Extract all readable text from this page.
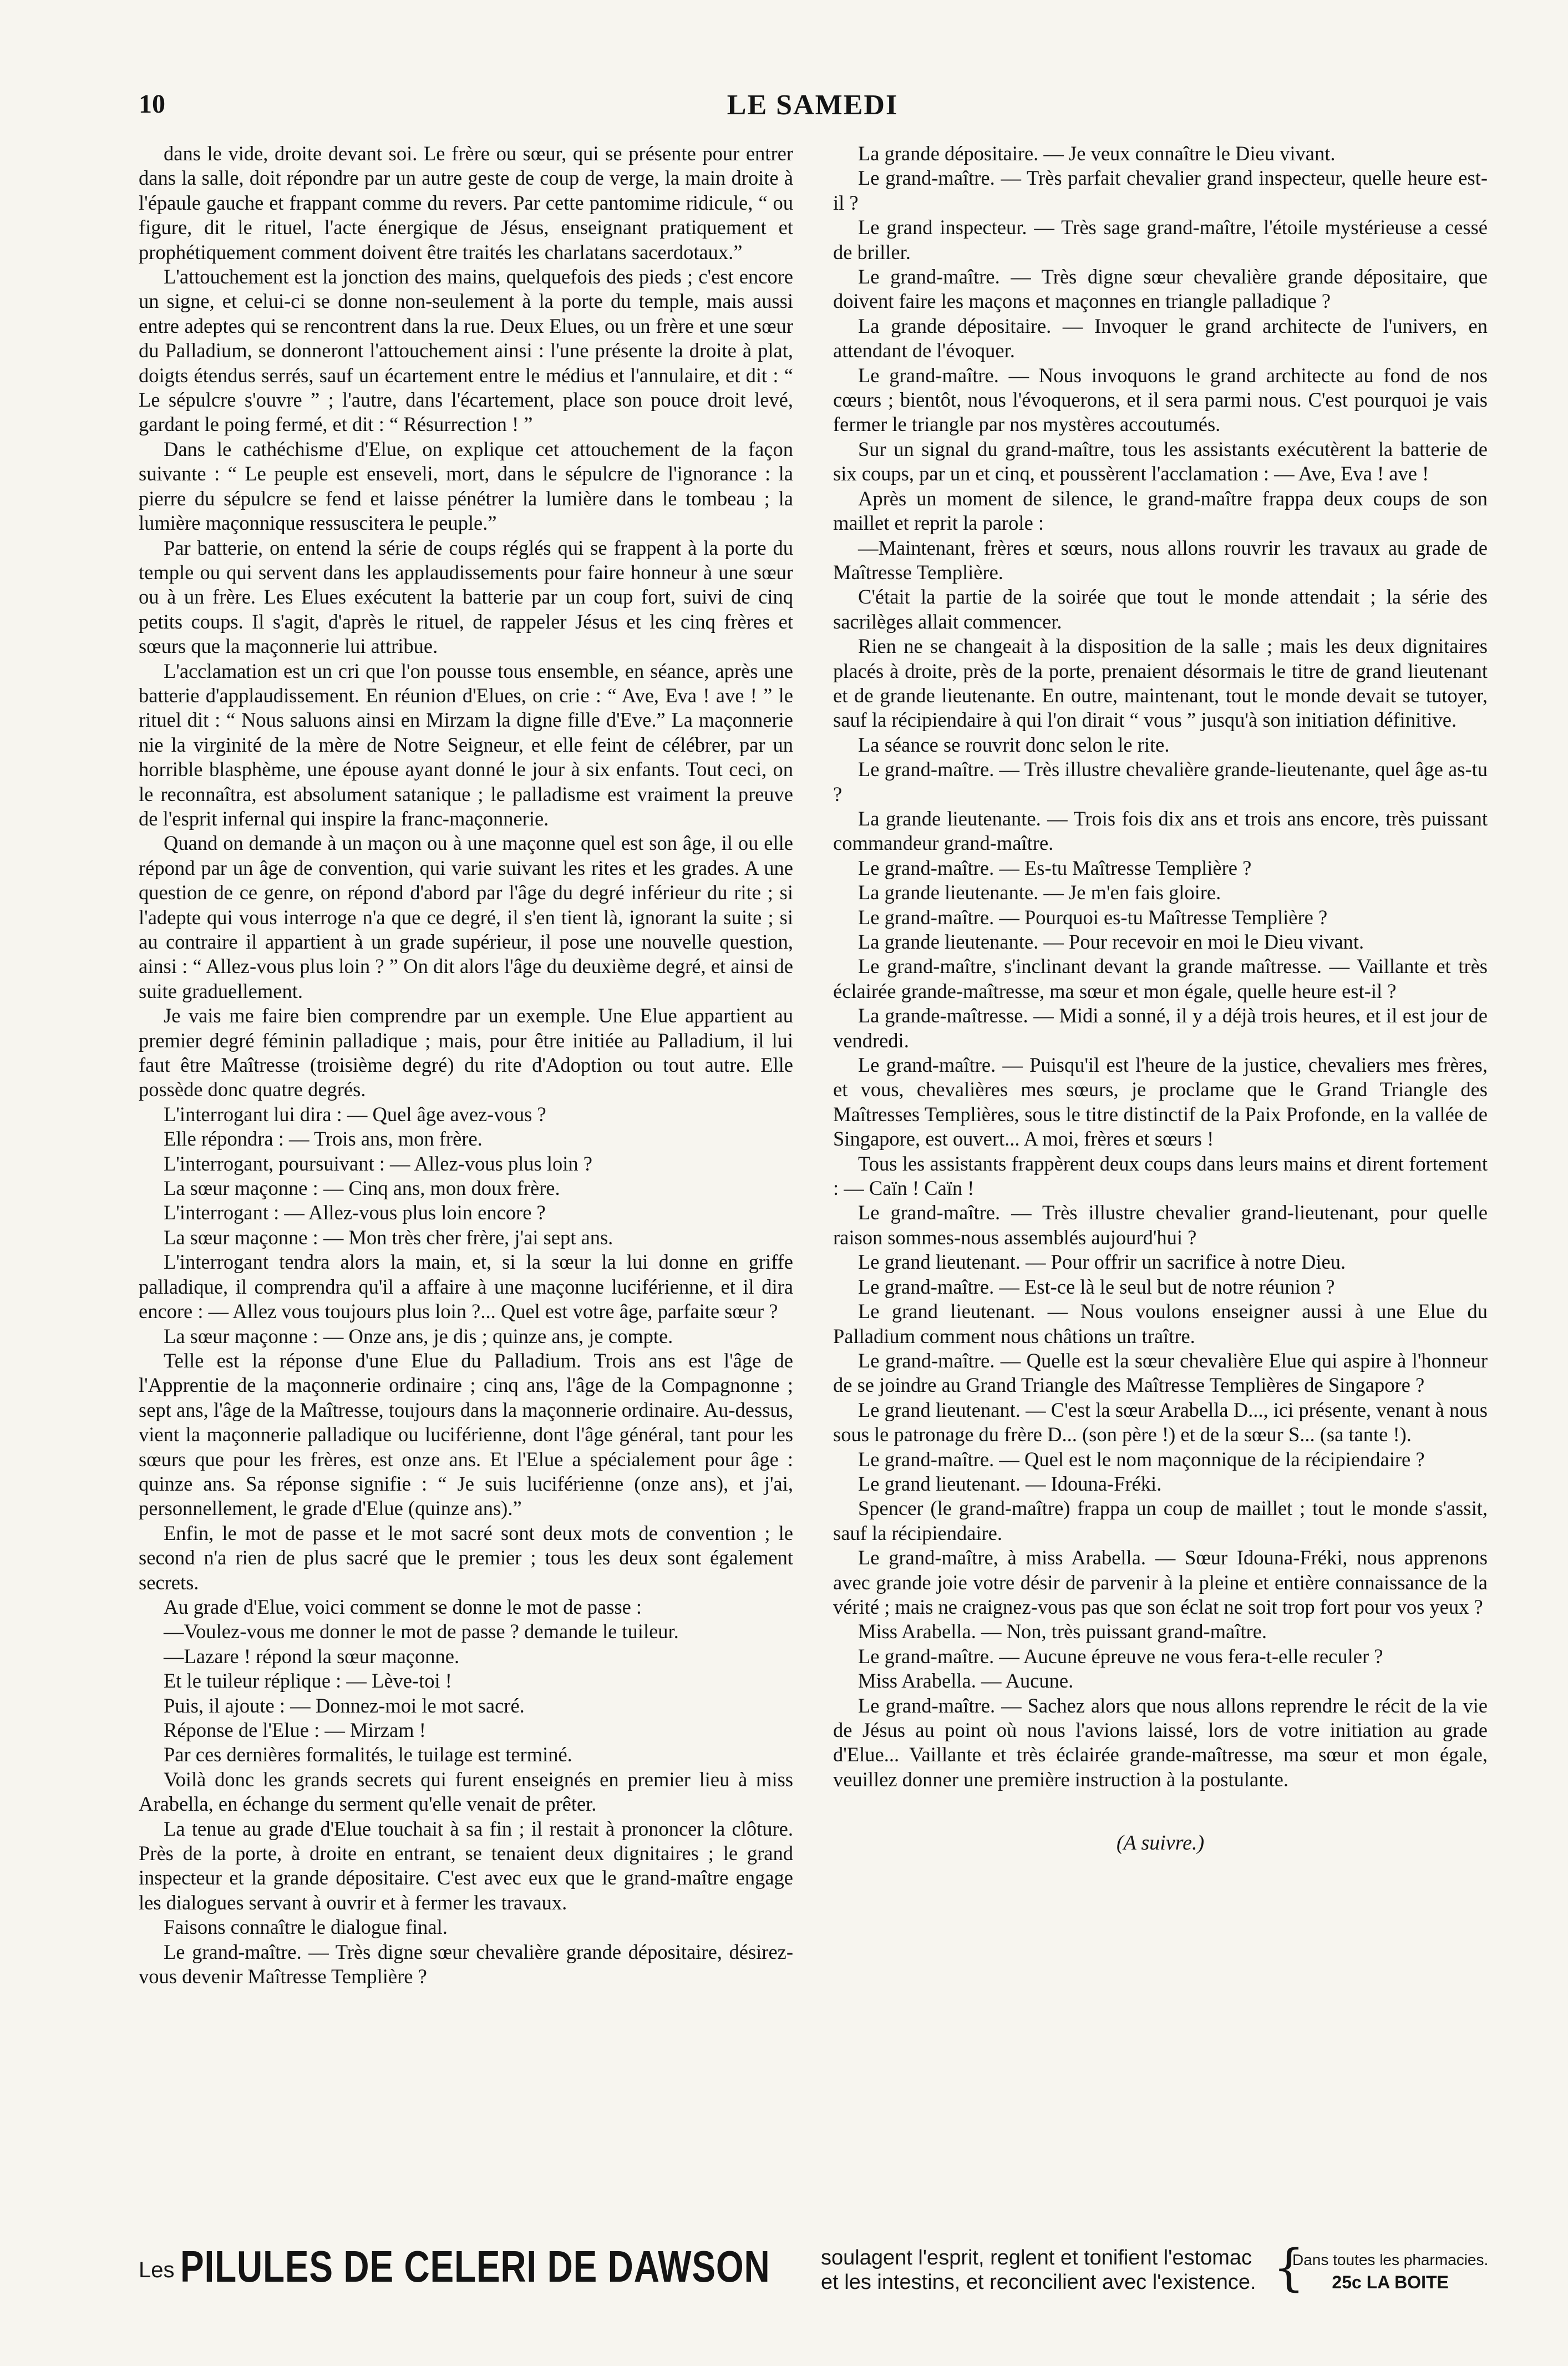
10	LE SAMEDI

dans le vide, droite devant soi. Le frère ou sœur, qui se présente pour entrer dans la salle, doit répondre par un autre geste de coup de verge, la main droite à l'épaule gauche et frappant comme du revers. Par cette pantomime ridicule, “ ou figure, dit le rituel, l'acte énergique de Jésus, enseignant pratiquement et prophétiquement comment doivent être traités les charlatans sacerdotaux.”

L'attouchement est la jonction des mains, quelquefois des pieds ; c'est encore un signe, et celui-ci se donne non-seulement à la porte du temple, mais aussi entre adeptes qui se rencontrent dans la rue. Deux Elues, ou un frère et une sœur du Palladium, se donneront l'attouchement ainsi : l'une présente la droite à plat, doigts étendus serrés, sauf un écartement entre le médius et l'annulaire, et dit : “ Le sépulcre s'ouvre ” ; l'autre, dans l'écartement, place son pouce droit levé, gardant le poing fermé, et dit : “ Résurrection ! ”

Dans le cathéchisme d'Elue, on explique cet attouchement de la façon suivante : “ Le peuple est enseveli, mort, dans le sépulcre de l'ignorance : la pierre du sépulcre se fend et laisse pénétrer la lumière dans le tombeau ; la lumière maçonnique ressuscitera le peuple.”

Par batterie, on entend la série de coups réglés qui se frappent à la porte du temple ou qui servent dans les applaudissements pour faire honneur à une sœur ou à un frère. Les Elues exécutent la batterie par un coup fort, suivi de cinq petits coups. Il s'agit, d'après le rituel, de rappeler Jésus et les cinq frères et sœurs que la maçonnerie lui attribue.

L'acclamation est un cri que l'on pousse tous ensemble, en séance, après une batterie d'applaudissement. En réunion d'Elues, on crie : “ Ave, Eva ! ave ! ” le rituel dit : “ Nous saluons ainsi en Mirzam la digne fille d'Eve.” La maçonnerie nie la virginité de la mère de Notre Seigneur, et elle feint de célébrer, par un horrible blasphème, une épouse ayant donné le jour à six enfants. Tout ceci, on le reconnaîtra, est absolument satanique ; le palladisme est vraiment la preuve de l'esprit infernal qui inspire la franc-maçonnerie.

Quand on demande à un maçon ou à une maçonne quel est son âge, il ou elle répond par un âge de convention, qui varie suivant les rites et les grades. A une question de ce genre, on répond d'abord par l'âge du degré inférieur du rite ; si l'adepte qui vous interroge n'a que ce degré, il s'en tient là, ignorant la suite ; si au contraire il appartient à un grade supérieur, il pose une nouvelle question, ainsi : “ Allez-vous plus loin ? ” On dit alors l'âge du deuxième degré, et ainsi de suite graduellement.

Je vais me faire bien comprendre par un exemple. Une Elue appartient au premier degré féminin palladique ; mais, pour être initiée au Palladium, il lui faut être Maîtresse (troisième degré) du rite d'Adoption ou tout autre. Elle possède donc quatre degrés.

L'interrogant lui dira : — Quel âge avez-vous ?

Elle répondra : — Trois ans, mon frère.

L'interrogant, poursuivant : — Allez-vous plus loin ?

La sœur maçonne : — Cinq ans, mon doux frère.

L'interrogant : — Allez-vous plus loin encore ?

La sœur maçonne : — Mon très cher frère, j'ai sept ans.

L'interrogant tendra alors la main, et, si la sœur la lui donne en griffe palladique, il comprendra qu'il a affaire à une maçonne luciférienne, et il dira encore : — Allez vous toujours plus loin ?... Quel est votre âge, parfaite sœur ?

La sœur maçonne : — Onze ans, je dis ; quinze ans, je compte.

Telle est la réponse d'une Elue du Palladium. Trois ans est l'âge de l'Apprentie de la maçonnerie ordinaire ; cinq ans, l'âge de la Compagnonne ; sept ans, l'âge de la Maîtresse, toujours dans la maçonnerie ordinaire. Au-dessus, vient la maçonnerie palladique ou luciférienne, dont l'âge général, tant pour les sœurs que pour les frères, est onze ans. Et l'Elue a spécialement pour âge : quinze ans. Sa réponse signifie : “ Je suis luciférienne (onze ans), et j'ai, personnellement, le grade d'Elue (quinze ans).”

Enfin, le mot de passe et le mot sacré sont deux mots de convention ; le second n'a rien de plus sacré que le premier ; tous les deux sont également secrets.

Au grade d'Elue, voici comment se donne le mot de passe :

—Voulez-vous me donner le mot de passe ? demande le tuileur.

—Lazare ! répond la sœur maçonne.

Et le tuileur réplique : — Lève-toi !

Puis, il ajoute : — Donnez-moi le mot sacré.

Réponse de l'Elue : — Mirzam !

Par ces dernières formalités, le tuilage est terminé.

Voilà donc les grands secrets qui furent enseignés en premier lieu à miss Arabella, en échange du serment qu'elle venait de prêter.

La tenue au grade d'Elue touchait à sa fin ; il restait à prononcer la clôture. Près de la porte, à droite en entrant, se tenaient deux dignitaires ; le grand inspecteur et la grande dépositaire. C'est avec eux que le grand-maître engage les dialogues servant à ouvrir et à fermer les travaux.

Faisons connaître le dialogue final.

Le grand-maître. — Très digne sœur chevalière grande dépositaire, désirez-vous devenir Maîtresse Templière ?

La grande dépositaire. — Je veux connaître le Dieu vivant.

Le grand-maître. — Très parfait chevalier grand inspecteur, quelle heure est-il ?

Le grand inspecteur. — Très sage grand-maître, l'étoile mystérieuse a cessé de briller.

Le grand-maître. — Très digne sœur chevalière grande dépositaire, que doivent faire les maçons et maçonnes en triangle palladique ?

La grande dépositaire. — Invoquer le grand architecte de l'univers, en attendant de l'évoquer.

Le grand-maître. — Nous invoquons le grand architecte au fond de nos cœurs ; bientôt, nous l'évoquerons, et il sera parmi nous. C'est pourquoi je vais fermer le triangle par nos mystères accoutumés.

Sur un signal du grand-maître, tous les assistants exécutèrent la batterie de six coups, par un et cinq, et poussèrent l'acclamation : — Ave, Eva ! ave !

Après un moment de silence, le grand-maître frappa deux coups de son maillet et reprit la parole :

—Maintenant, frères et sœurs, nous allons rouvrir les travaux au grade de Maîtresse Templière.

C'était la partie de la soirée que tout le monde attendait ; la série des sacrilèges allait commencer.

Rien ne se changeait à la disposition de la salle ; mais les deux dignitaires placés à droite, près de la porte, prenaient désormais le titre de grand lieutenant et de grande lieutenante. En outre, maintenant, tout le monde devait se tutoyer, sauf la récipiendaire à qui l'on dirait “ vous ” jusqu'à son initiation définitive.

La séance se rouvrit donc selon le rite.

Le grand-maître. — Très illustre chevalière grande-lieutenante, quel âge as-tu ?

La grande lieutenante. — Trois fois dix ans et trois ans encore, très puissant commandeur grand-maître.

Le grand-maître. — Es-tu Maîtresse Templière ?

La grande lieutenante. — Je m'en fais gloire.

Le grand-maître. — Pourquoi es-tu Maîtresse Templière ?

La grande lieutenante. — Pour recevoir en moi le Dieu vivant.

Le grand-maître, s'inclinant devant la grande maîtresse. — Vaillante et très éclairée grande-maîtresse, ma sœur et mon égale, quelle heure est-il ?

La grande-maîtresse. — Midi a sonné, il y a déjà trois heures, et il est jour de vendredi.

Le grand-maître. — Puisqu'il est l'heure de la justice, chevaliers mes frères, et vous, chevalières mes sœurs, je proclame que le Grand Triangle des Maîtresses Templières, sous le titre distinctif de la Paix Profonde, en la vallée de Singapore, est ouvert... A moi, frères et sœurs !

Tous les assistants frappèrent deux coups dans leurs mains et dirent fortement : — Caïn ! Caïn !

Le grand-maître. — Très illustre chevalier grand-lieutenant, pour quelle raison sommes-nous assemblés aujourd'hui ?

Le grand lieutenant. — Pour offrir un sacrifice à notre Dieu.

Le grand-maître. — Est-ce là le seul but de notre réunion ?

Le grand lieutenant. — Nous voulons enseigner aussi à une Elue du Palladium comment nous châtions un traître.

Le grand-maître. — Quelle est la sœur chevalière Elue qui aspire à l'honneur de se joindre au Grand Triangle des Maîtresse Templières de Singapore ?

Le grand lieutenant. — C'est la sœur Arabella D..., ici présente, venant à nous sous le patronage du frère D... (son père !) et de la sœur S... (sa tante !).

Le grand-maître. — Quel est le nom maçonnique de la récipiendaire ?

Le grand lieutenant. — Idouna-Fréki.

Spencer (le grand-maître) frappa un coup de maillet ; tout le monde s'assit, sauf la récipiendaire.

Le grand-maître, à miss Arabella. — Sœur Idouna-Fréki, nous apprenons avec grande joie votre désir de parvenir à la pleine et entière connaissance de la vérité ; mais ne craignez-vous pas que son éclat ne soit trop fort pour vos yeux ?

Miss Arabella. — Non, très puissant grand-maître.

Le grand-maître. — Aucune épreuve ne vous fera-t-elle reculer ?

Miss Arabella. — Aucune.

Le grand-maître. — Sachez alors que nous allons reprendre le récit de la vie de Jésus au point où nous l'avions laissé, lors de votre initiation au grade d'Elue... Vaillante et très éclairée grande-maîtresse, ma sœur et mon égale, veuillez donner une première instruction à la postulante.

(A suivre.)
Les PILULES DE CELERI DE DAWSON soulagent l'esprit, reglent et tonifient l'estomac
et les intestins, et reconcilient avec l'existence. {
Dans toutes les pharmacies.
25c LA BOITE
